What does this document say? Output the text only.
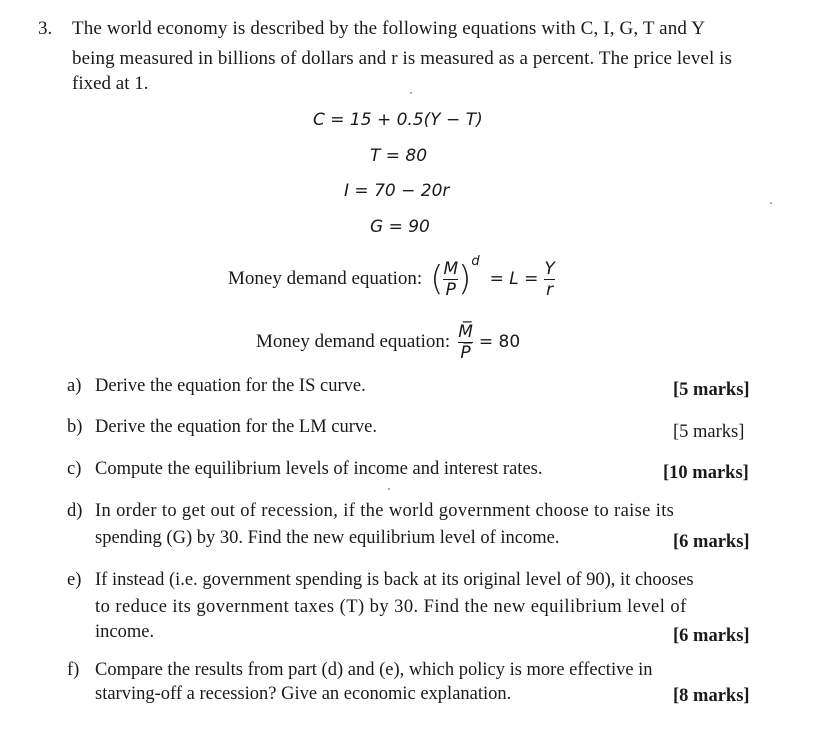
3. The world economy is described by the following equations with C, I, G, T and Y
being measured in billions of dollars and r is measured as a percent. The price level is
fixed at 1.
C = 15 + 0.5(Y − T)
T = 80
I = 70 − 20r
G = 90
Money demand equation: ( $\frac{M}{P}$ ) d
= $L = \frac{Y}{r}$
Money demand equation: $\frac{M̅}{P̅} = 80$
a) Derive the equation for the IS curve.	[5 marks]
b) Derive the equation for the LM curve.	[5 marks]
c) Compute the equilibrium levels of income and interest rates.	[10 marks]
d) In order to get out of recession, if the world government choose to raise its
spending (G) by 30. Find the new equilibrium level of income.	[6 marks]
e) If instead (i.e. government spending is back at its original level of 90), it chooses
to reduce its government taxes (T) by 30. Find the new equilibrium level of
income.	[6 marks]
f) Compare the results from part (d) and (e), which policy is more effective in
starving-off a recession? Give an economic explanation.	[8 marks]
